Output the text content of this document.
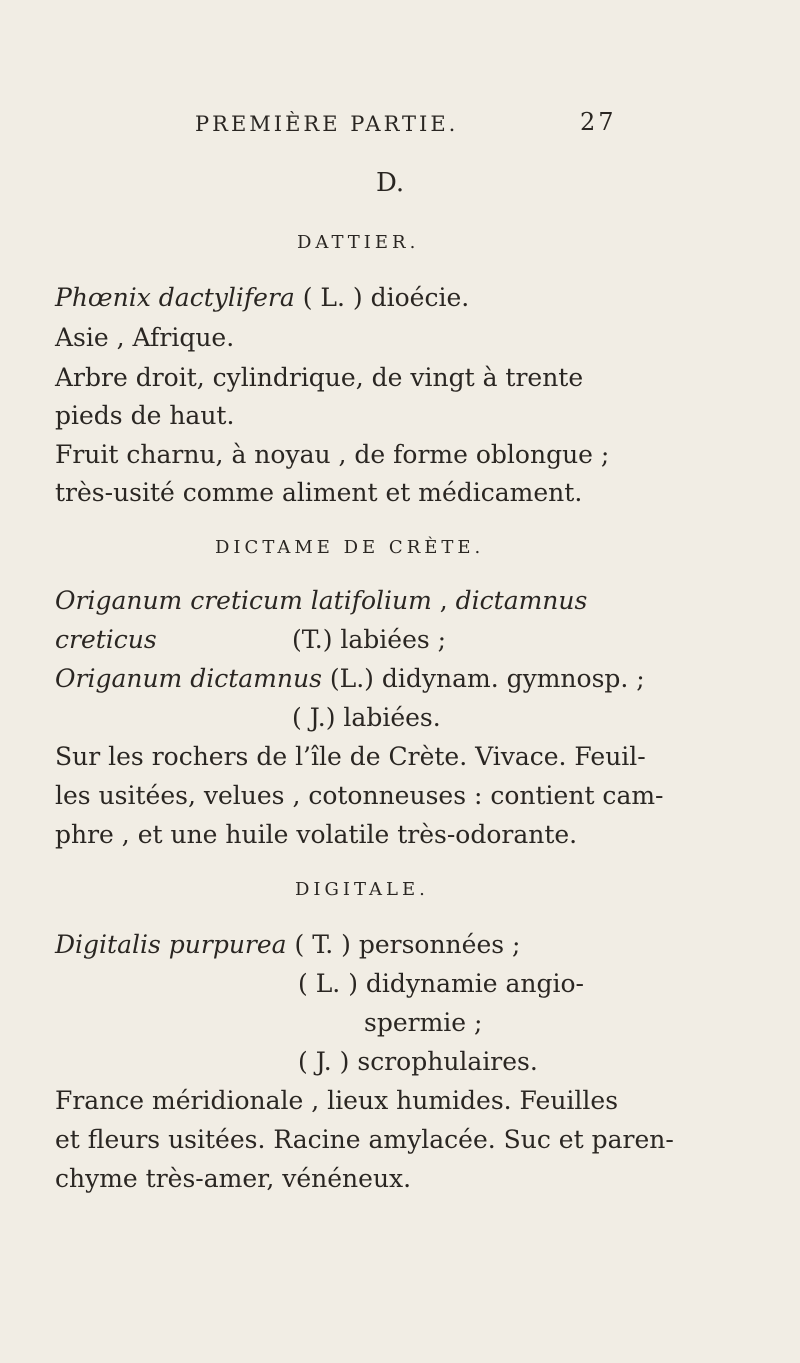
PREMIÈRE PARTIE.	27
D.
DATTIER.
Phœnix dactylifera ( L. ) dioécie.
Asie , Afrique.
Arbre droit, cylindrique, de vingt à trente
pieds de haut.
Fruit charnu, à noyau , de forme oblongue ;
très-usité comme aliment et médicament.
DICTAME DE CRÈTE.
Origanum creticum latifolium , dictamnus
creticus	(T.) labiées ;
Origanum dictamnus (L.) didynam. gymnosp. ;
( J.) labiées.
Sur les rochers de l’île de Crète. Vivace. Feuil-
les usitées, velues , cotonneuses : contient cam-
phre , et une huile volatile très-odorante.
DIGITALE.
Digitalis purpurea ( T. ) personnées ;
( L. ) didynamie angio-
spermie ;
( J. ) scrophulaires.
France méridionale , lieux humides. Feuilles
et fleurs usitées. Racine amylacée. Suc et paren-
chyme très-amer, vénéneux.
